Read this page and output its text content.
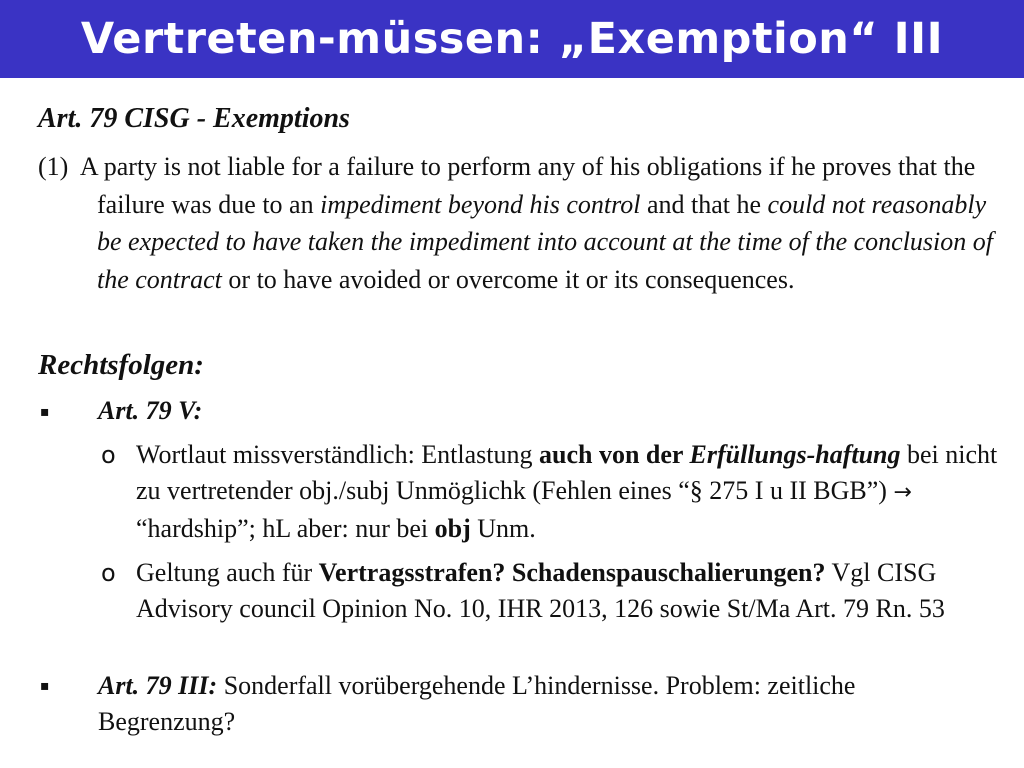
Vertreten-müssen: „Exemption“ III
Art. 79 CISG - Exemptions

(1) A party is not liable for a failure to perform any of his obligations if he proves that the failure was due to an impediment beyond his control and that he could not reasonably be expected to have taken the impediment into account at the time of the conclusion of the contract or to have avoided or overcome it or its consequences.

Rechtsfolgen:
▪ Art. 79 V:
o Wortlaut missverständlich: Entlastung auch von der Erfüllungs-haftung bei nicht zu vertretender obj./subj Unmöglichk (Fehlen eines “§ 275 I u II BGB”) → “hardship”; hL aber: nur bei obj Unm.

o Geltung auch für Vertragsstrafen? Schadenspauschalierungen? Vgl CISG Advisory council Opinion No. 10, IHR 2013, 126 sowie St/Ma Art. 79 Rn. 53

▪ Art. 79 III: Sonderfall vorübergehende L’hindernisse. Problem: zeitliche Begrenzung?
